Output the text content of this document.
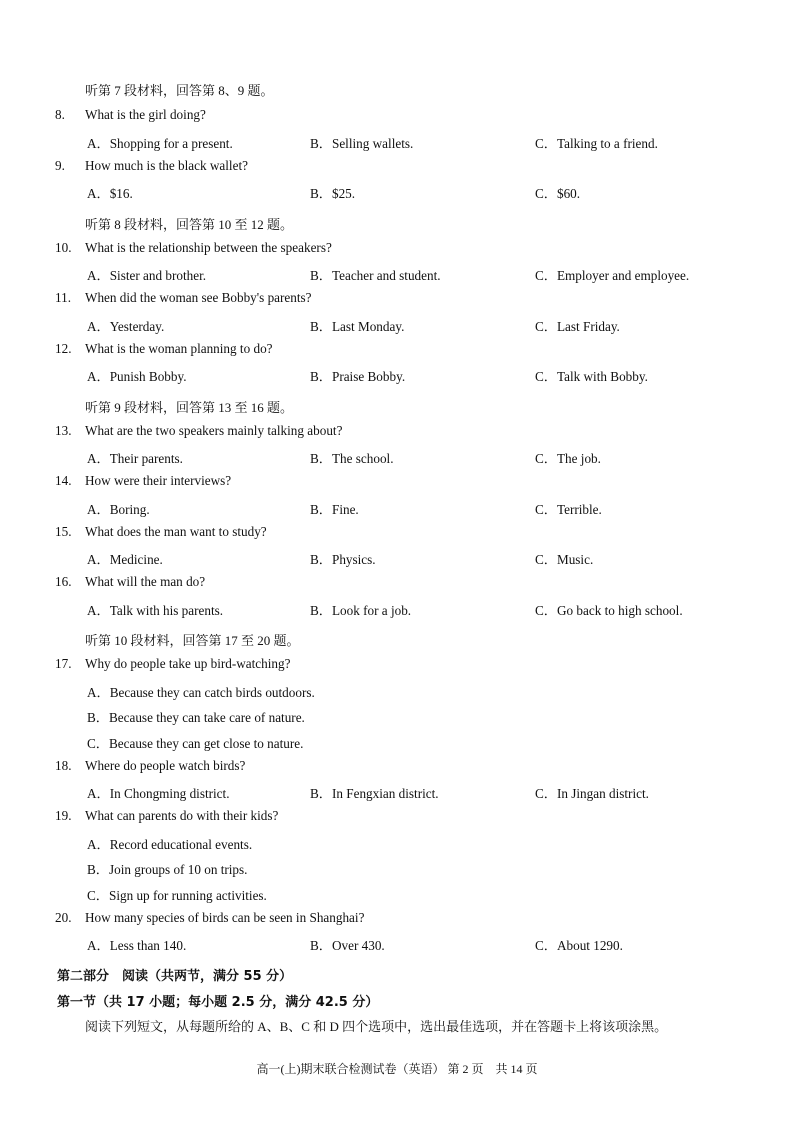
听第 7 段材料，回答第 8、9 题。
8.	What is the girl doing?
A．Shopping for a present.	B．Selling wallets.	C．Talking to a friend.
9.	How much is the black wallet?
A．$16.	B．$25.	C．$60.
听第 8 段材料，回答第 10 至 12 题。
10.	What is the relationship between the speakers?
A．Sister and brother.	B．Teacher and student.	C．Employer and employee.
11.	When did the woman see Bobby's parents?
A．Yesterday.	B．Last Monday.	C．Last Friday.
12.	What is the woman planning to do?
A．Punish Bobby.	B．Praise Bobby.	C．Talk with Bobby.
听第 9 段材料，回答第 13 至 16 题。
13.	What are the two speakers mainly talking about?
A．Their parents.	B．The school.	C．The job.
14.	How were their interviews?
A．Boring.	B．Fine.	C．Terrible.
15.	What does the man want to study?
A．Medicine.	B．Physics.	C．Music.
16.	What will the man do?
A．Talk with his parents.	B．Look for a job.	C．Go back to high school.
听第 10 段材料，回答第 17 至 20 题。
17.	Why do people take up bird-watching?
A．Because they can catch birds outdoors.
B．Because they can take care of nature.
C．Because they can get close to nature.
18.	Where do people watch birds?
A．In Chongming district.	B．In Fengxian district.	C．In Jingan district.
19.	What can parents do with their kids?
A．Record educational events.
B．Join groups of 10 on trips.
C．Sign up for running activities.
20.	How many species of birds can be seen in Shanghai?
A．Less than 140.	B．Over 430.	C．About 1290.
第二部分　阅读（共两节，满分 55 分）
第一节（共 17 小题；每小题 2.5 分，满分 42.5 分）
阅读下列短文，从每题所给的 A、B、C 和 D 四个选项中，选出最佳选项，并在答题卡上将该项涂黑。
高一(上)期末联合检测试卷（英语） 第 2 页　共 14 页
